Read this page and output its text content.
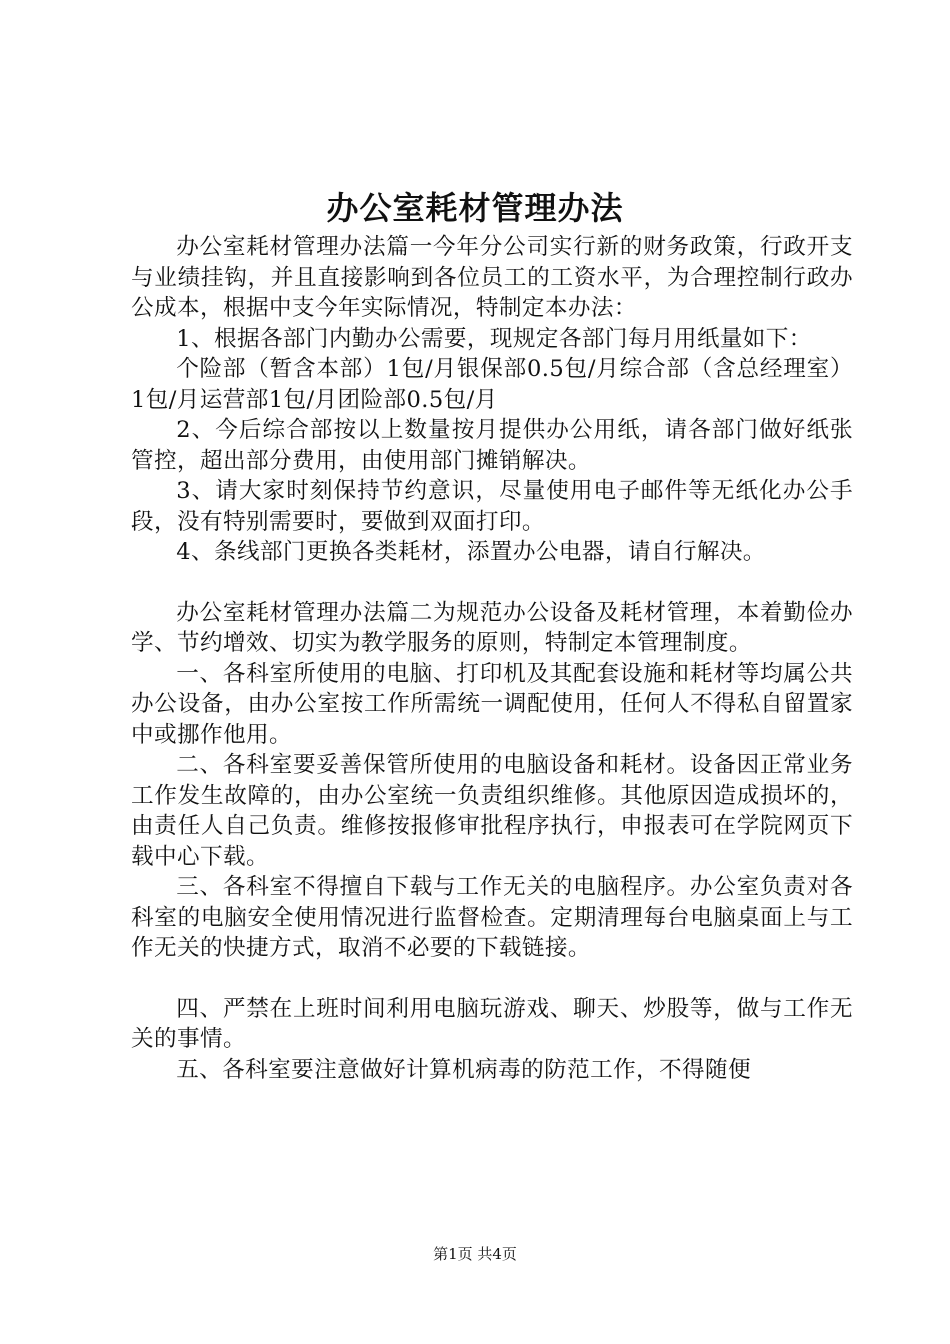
办公室耗材管理办法

办公室耗材管理办法篇一今年分公司实行新的财务政策，行政开支与业绩挂钩，并且直接影响到各位员工的工资水平，为合理控制行政办公成本，根据中支今年实际情况，特制定本办法：

1、根据各部门内勤办公需要，现规定各部门每月用纸量如下：

个险部（暂含本部）1包/月银保部0.5包/月综合部（含总经理室）1包/月运营部1包/月团险部0.5包/月

2、今后综合部按以上数量按月提供办公用纸，请各部门做好纸张管控，超出部分费用，由使用部门摊销解决。

3、请大家时刻保持节约意识，尽量使用电子邮件等无纸化办公手段，没有特别需要时，要做到双面打印。

4、条线部门更换各类耗材，添置办公电器，请自行解决。

办公室耗材管理办法篇二为规范办公设备及耗材管理，本着勤俭办学、节约增效、切实为教学服务的原则，特制定本管理制度。

一、各科室所使用的电脑、打印机及其配套设施和耗材等均属公共办公设备，由办公室按工作所需统一调配使用，任何人不得私自留置家中或挪作他用。

二、各科室要妥善保管所使用的电脑设备和耗材。设备因正常业务工作发生故障的，由办公室统一负责组织维修。其他原因造成损坏的，由责任人自己负责。维修按报修审批程序执行，申报表可在学院网页下载中心下载。

三、各科室不得擅自下载与工作无关的电脑程序。办公室负责对各科室的电脑安全使用情况进行监督检查。定期清理每台电脑桌面上与工作无关的快捷方式，取消不必要的下载链接。

四、严禁在上班时间利用电脑玩游戏、聊天、炒股等，做与工作无关的事情。

五、各科室要注意做好计算机病毒的防范工作，不得随便

第1页 共4页
